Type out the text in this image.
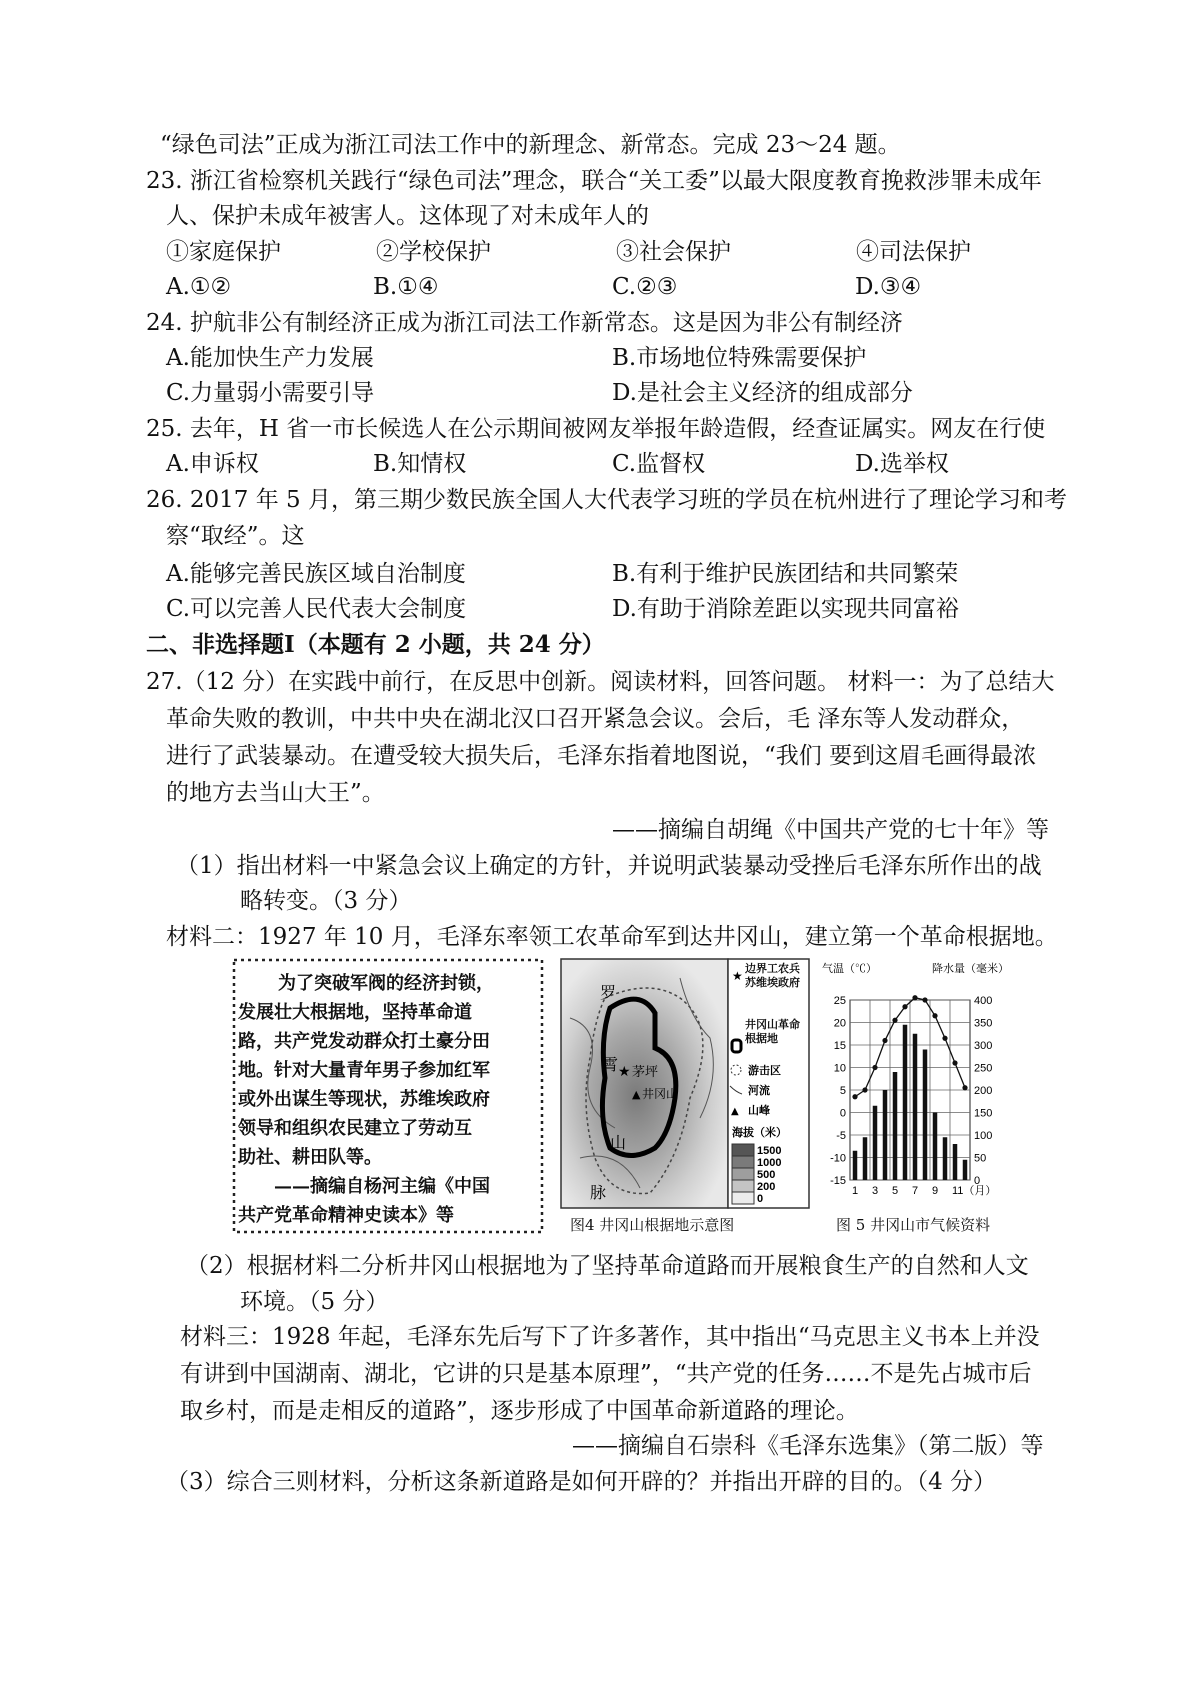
“绿色司法”正成为浙江司法工作中的新理念、新常态。完成 23～24 题。
23. 浙江省检察机关践行“绿色司法”理念，联合“关工委”以最大限度教育挽救涉罪未成年
人、保护未成年被害人。这体现了对未成年人的
①家庭保护	②学校保护	③社会保护	④司法保护
A.①②	B.①④	C.②③	D.③④
24. 护航非公有制经济正成为浙江司法工作新常态。这是因为非公有制经济
A.能加快生产力发展	B.市场地位特殊需要保护
C.力量弱小需要引导	D.是社会主义经济的组成部分
25. 去年，H 省一市长候选人在公示期间被网友举报年龄造假，经查证属实。网友在行使
A.申诉权	B.知情权	C.监督权	D.选举权
26. 2017 年 5 月，第三期少数民族全国人大代表学习班的学员在杭州进行了理论学习和考
察“取经”。这
A.能够完善民族区域自治制度	B.有利于维护民族团结和共同繁荣
C.可以完善人民代表大会制度	D.有助于消除差距以实现共同富裕
二、非选择题Ⅰ（本题有 2 小题，共 24 分）
27.（12 分）在实践中前行，在反思中创新。阅读材料，回答问题。 材料一：为了总结大
革命失败的教训，中共中央在湖北汉口召开紧急会议。会后，毛 泽东等人发动群众，
进行了武装暴动。在遭受较大损失后，毛泽东指着地图说，“我们 要到这眉毛画得最浓
的地方去当山大王”。
——摘编自胡绳《中国共产党的七十年》等
（1）指出材料一中紧急会议上确定的方针，并说明武装暴动受挫后毛泽东所作出的战
略转变。（3 分）
材料二：1927 年 10 月，毛泽东率领工农革命军到达井冈山，建立第一个革命根据地。
为了突破军阀的经济封锁，
发展壮大根据地，坚持革命道
路，共产党发动群众打土豪分田
地。针对大量青年男子参加红军
或外出谋生等现状，苏维埃政府
领导和组织农民建立了劳动互
助社、耕田队等。
——摘编自杨河主编《中国
共产党革命精神史读本》等
罗
霄
山
脉
★ 茅坪
▲ 井冈山
★ 边界工农兵苏维埃政府
井冈山革命根据地
游击区
河流
▲ 山峰
海拔（米）
1500
1000
500
200
0
图4 井冈山根据地示意图
气温（℃）	降水量（毫米）
25
20
15
10
5
0
-5
-10
-15
400
350
300
250
200
150
100
50
0
1 3 5 7 9 11（月）
图 5 井冈山市气候资料
（2）根据材料二分析井冈山根据地为了坚持革命道路而开展粮食生产的自然和人文
环境。（5 分）
材料三：1928 年起，毛泽东先后写下了许多著作，其中指出“马克思主义书本上并没
有讲到中国湖南、湖北，它讲的只是基本原理”，“共产党的任务……不是先占城市后
取乡村，而是走相反的道路”，逐步形成了中国革命新道路的理论。
——摘编自石崇科《毛泽东选集》（第二版）等
（3）综合三则材料，分析这条新道路是如何开辟的？并指出开辟的目的。（4 分）
